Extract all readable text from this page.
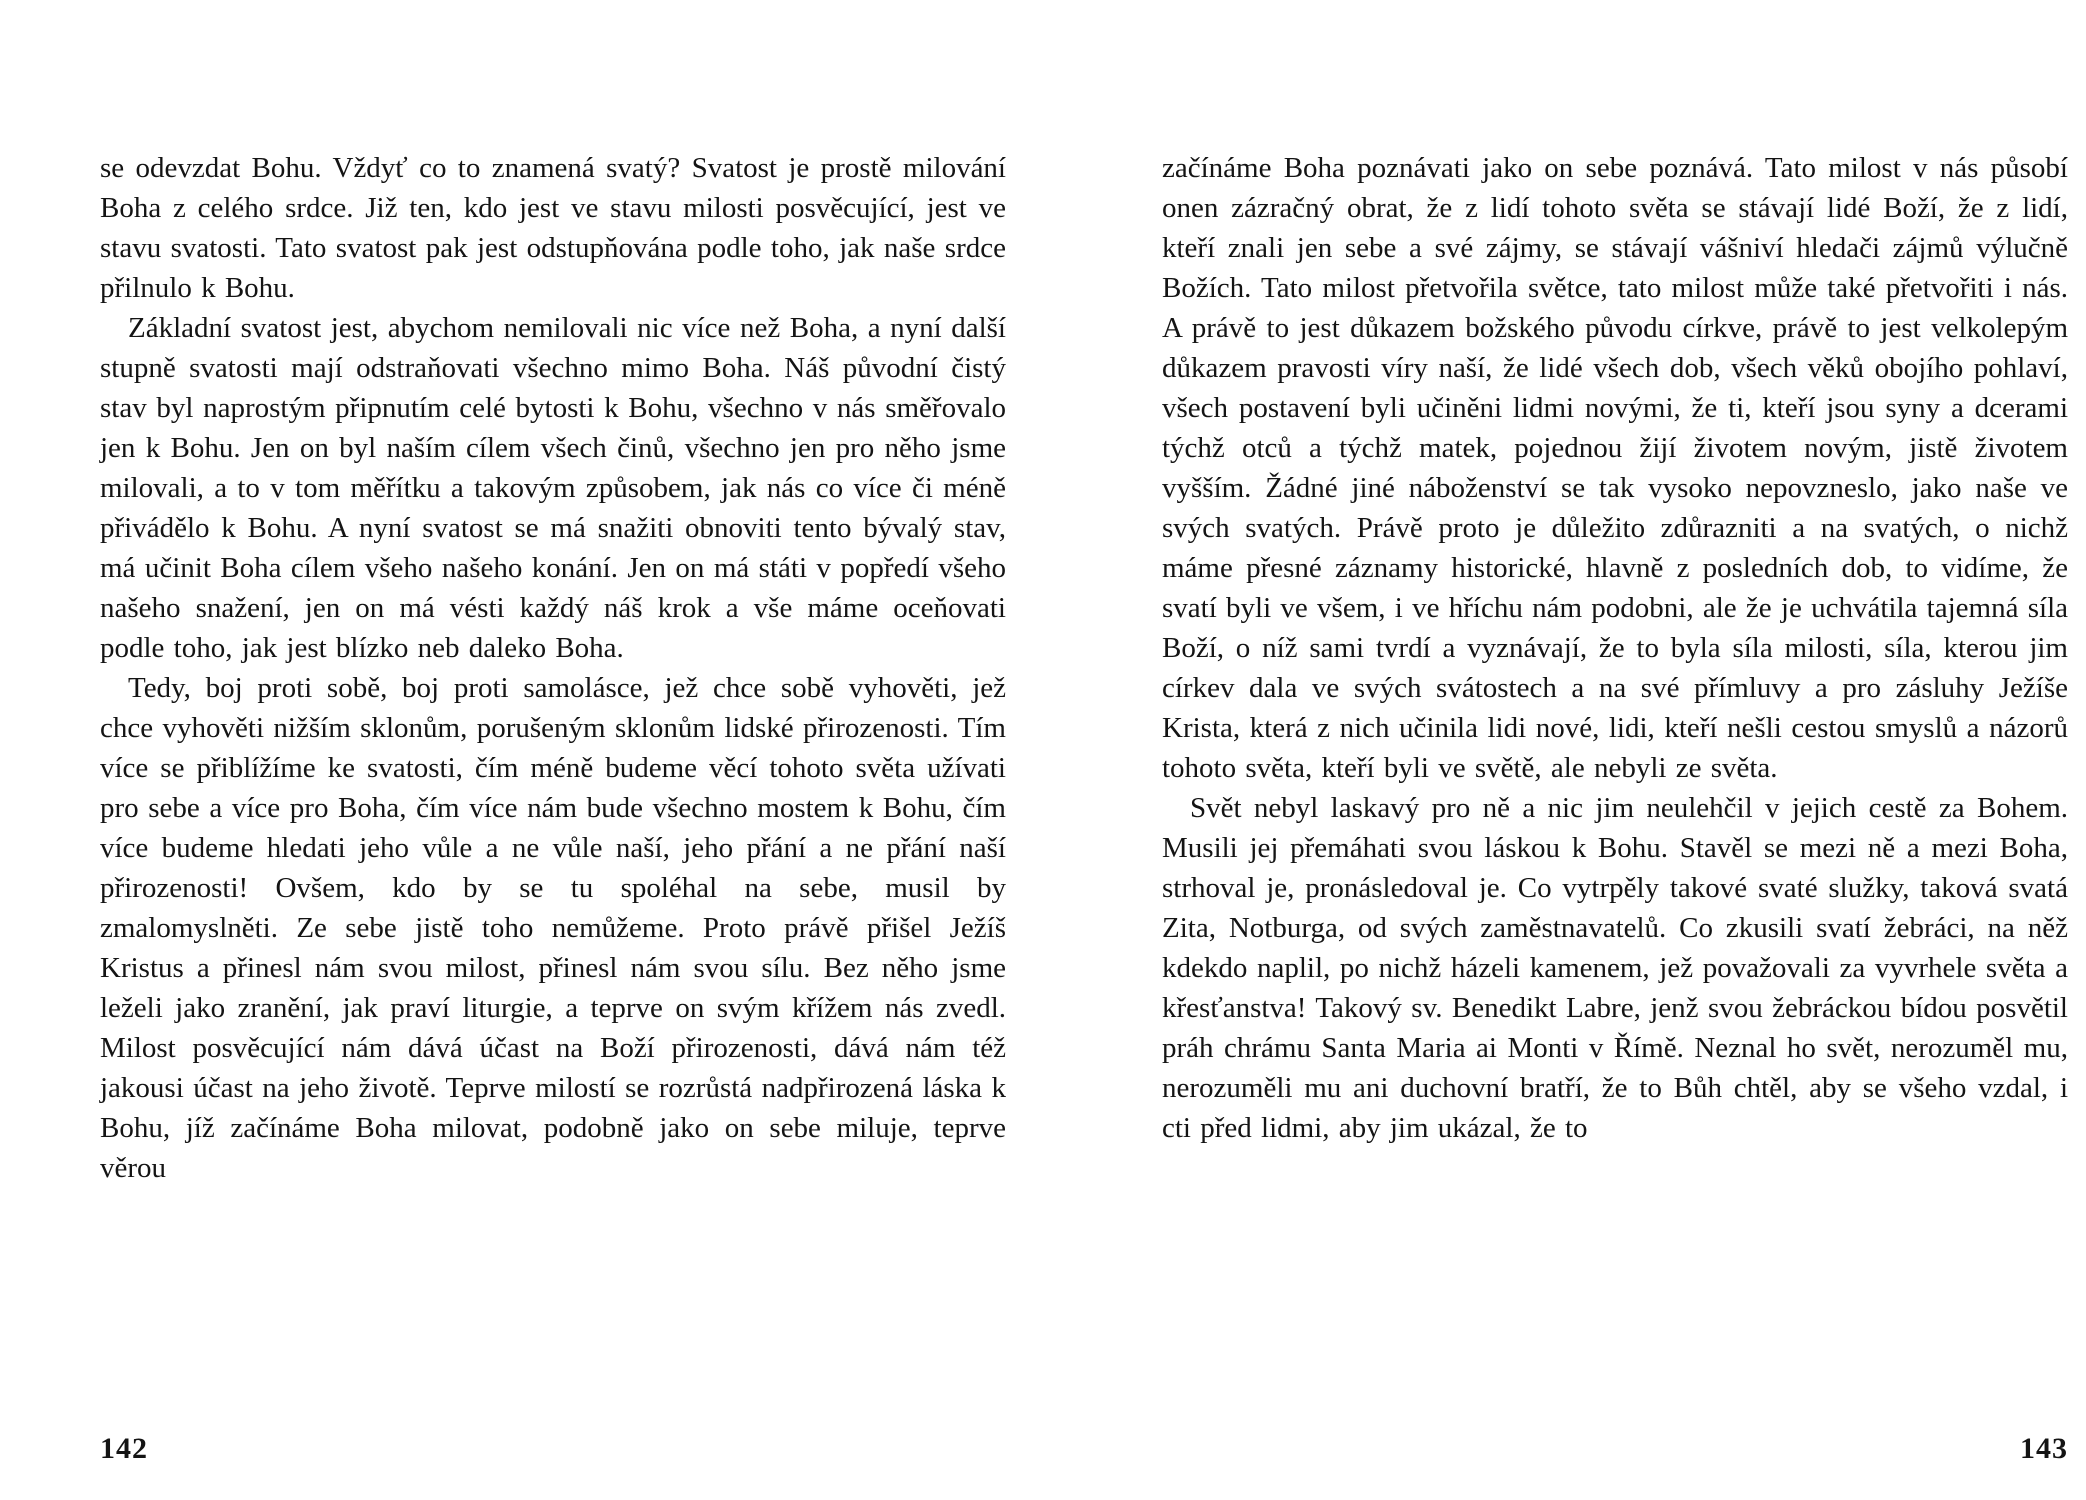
se odevzdat Bohu. Vždyť co to znamená svatý? Svatost je prostě milování Boha z celého srdce. Již ten, kdo jest ve stavu milosti posvěcující, jest ve stavu svatosti. Tato svatost pak jest odstupňována podle toho, jak naše srdce přilnulo k Bohu.

Základní svatost jest, abychom nemilovali nic více než Boha, a nyní další stupně svatosti mají odstraňovati všechno mimo Boha. Náš původní čistý stav byl naprostým připnutím celé bytosti k Bohu, všechno v nás směřovalo jen k Bohu. Jen on byl naším cílem všech činů, všechno jen pro něho jsme milovali, a to v tom měřítku a takovým způsobem, jak nás co více či méně přivádělo k Bohu. A nyní svatost se má snažiti obnoviti tento bývalý stav, má učinit Boha cílem všeho našeho konání. Jen on má státi v popředí všeho našeho snažení, jen on má vésti každý náš krok a vše máme oceňovati podle toho, jak jest blízko neb daleko Boha.

Tedy, boj proti sobě, boj proti samolásce, jež chce sobě vyhověti, jež chce vyhověti nižším sklonům, porušeným sklonům lidské přirozenosti. Tím více se přiblížíme ke svatosti, čím méně budeme věcí tohoto světa užívati pro sebe a více pro Boha, čím více nám bude všechno mostem k Bohu, čím více budeme hledati jeho vůle a ne vůle naší, jeho přání a ne přání naší přirozenosti! Ovšem, kdo by se tu spoléhal na sebe, musil by zmalomyslněti. Ze sebe jistě toho nemůžeme. Proto právě přišel Ježíš Kristus a přinesl nám svou milost, přinesl nám svou sílu. Bez něho jsme leželi jako zranění, jak praví liturgie, a teprve on svým křížem nás zvedl. Milost posvěcující nám dává účast na Boží přirozenosti, dává nám též jakousi účast na jeho životě. Teprve milostí se rozrůstá nadpřirozená láska k Bohu, jíž začínáme Boha milovat, podobně jako on sebe miluje, teprve věrou

začínáme Boha poznávati jako on sebe poznává. Tato milost v nás působí onen zázračný obrat, že z lidí tohoto světa se stávají lidé Boží, že z lidí, kteří znali jen sebe a své zájmy, se stávají vášniví hledači zájmů výlučně Božích. Tato milost přetvořila světce, tato milost může také přetvořiti i nás. A právě to jest důkazem božského původu církve, právě to jest velkolepým důkazem pravosti víry naší, že lidé všech dob, všech věků obojího pohlaví, všech postavení byli učiněni lidmi novými, že ti, kteří jsou syny a dcerami týchž otců a týchž matek, pojednou žijí životem novým, jistě životem vyšším. Žádné jiné náboženství se tak vysoko nepovzneslo, jako naše ve svých svatých. Právě proto je důležito zdůrazniti a na svatých, o nichž máme přesné záznamy historické, hlavně z posledních dob, to vidíme, že svatí byli ve všem, i ve hříchu nám podobni, ale že je uchvátila tajemná síla Boží, o níž sami tvrdí a vyznávají, že to byla síla milosti, síla, kterou jim církev dala ve svých svátostech a na své přímluvy a pro zásluhy Ježíše Krista, která z nich učinila lidi nové, lidi, kteří nešli cestou smyslů a názorů tohoto světa, kteří byli ve světě, ale nebyli ze světa.

Svět nebyl laskavý pro ně a nic jim neulehčil v jejich cestě za Bohem. Musili jej přemáhati svou láskou k Bohu. Stavěl se mezi ně a mezi Boha, strhoval je, pronásledoval je. Co vytrpěly takové svaté služky, taková svatá Zita, Notburga, od svých zaměstnavatelů. Co zkusili svatí žebráci, na něž kdekdo naplil, po nichž házeli kamenem, jež považovali za vyvrhele světa a křesťanstva! Takový sv. Benedikt Labre, jenž svou žebráckou bídou posvětil práh chrámu Santa Maria ai Monti v Římě. Neznal ho svět, nerozuměl mu, nerozuměli mu ani duchovní bratří, že to Bůh chtěl, aby se všeho vzdal, i cti před lidmi, aby jim ukázal, že to

142	143
